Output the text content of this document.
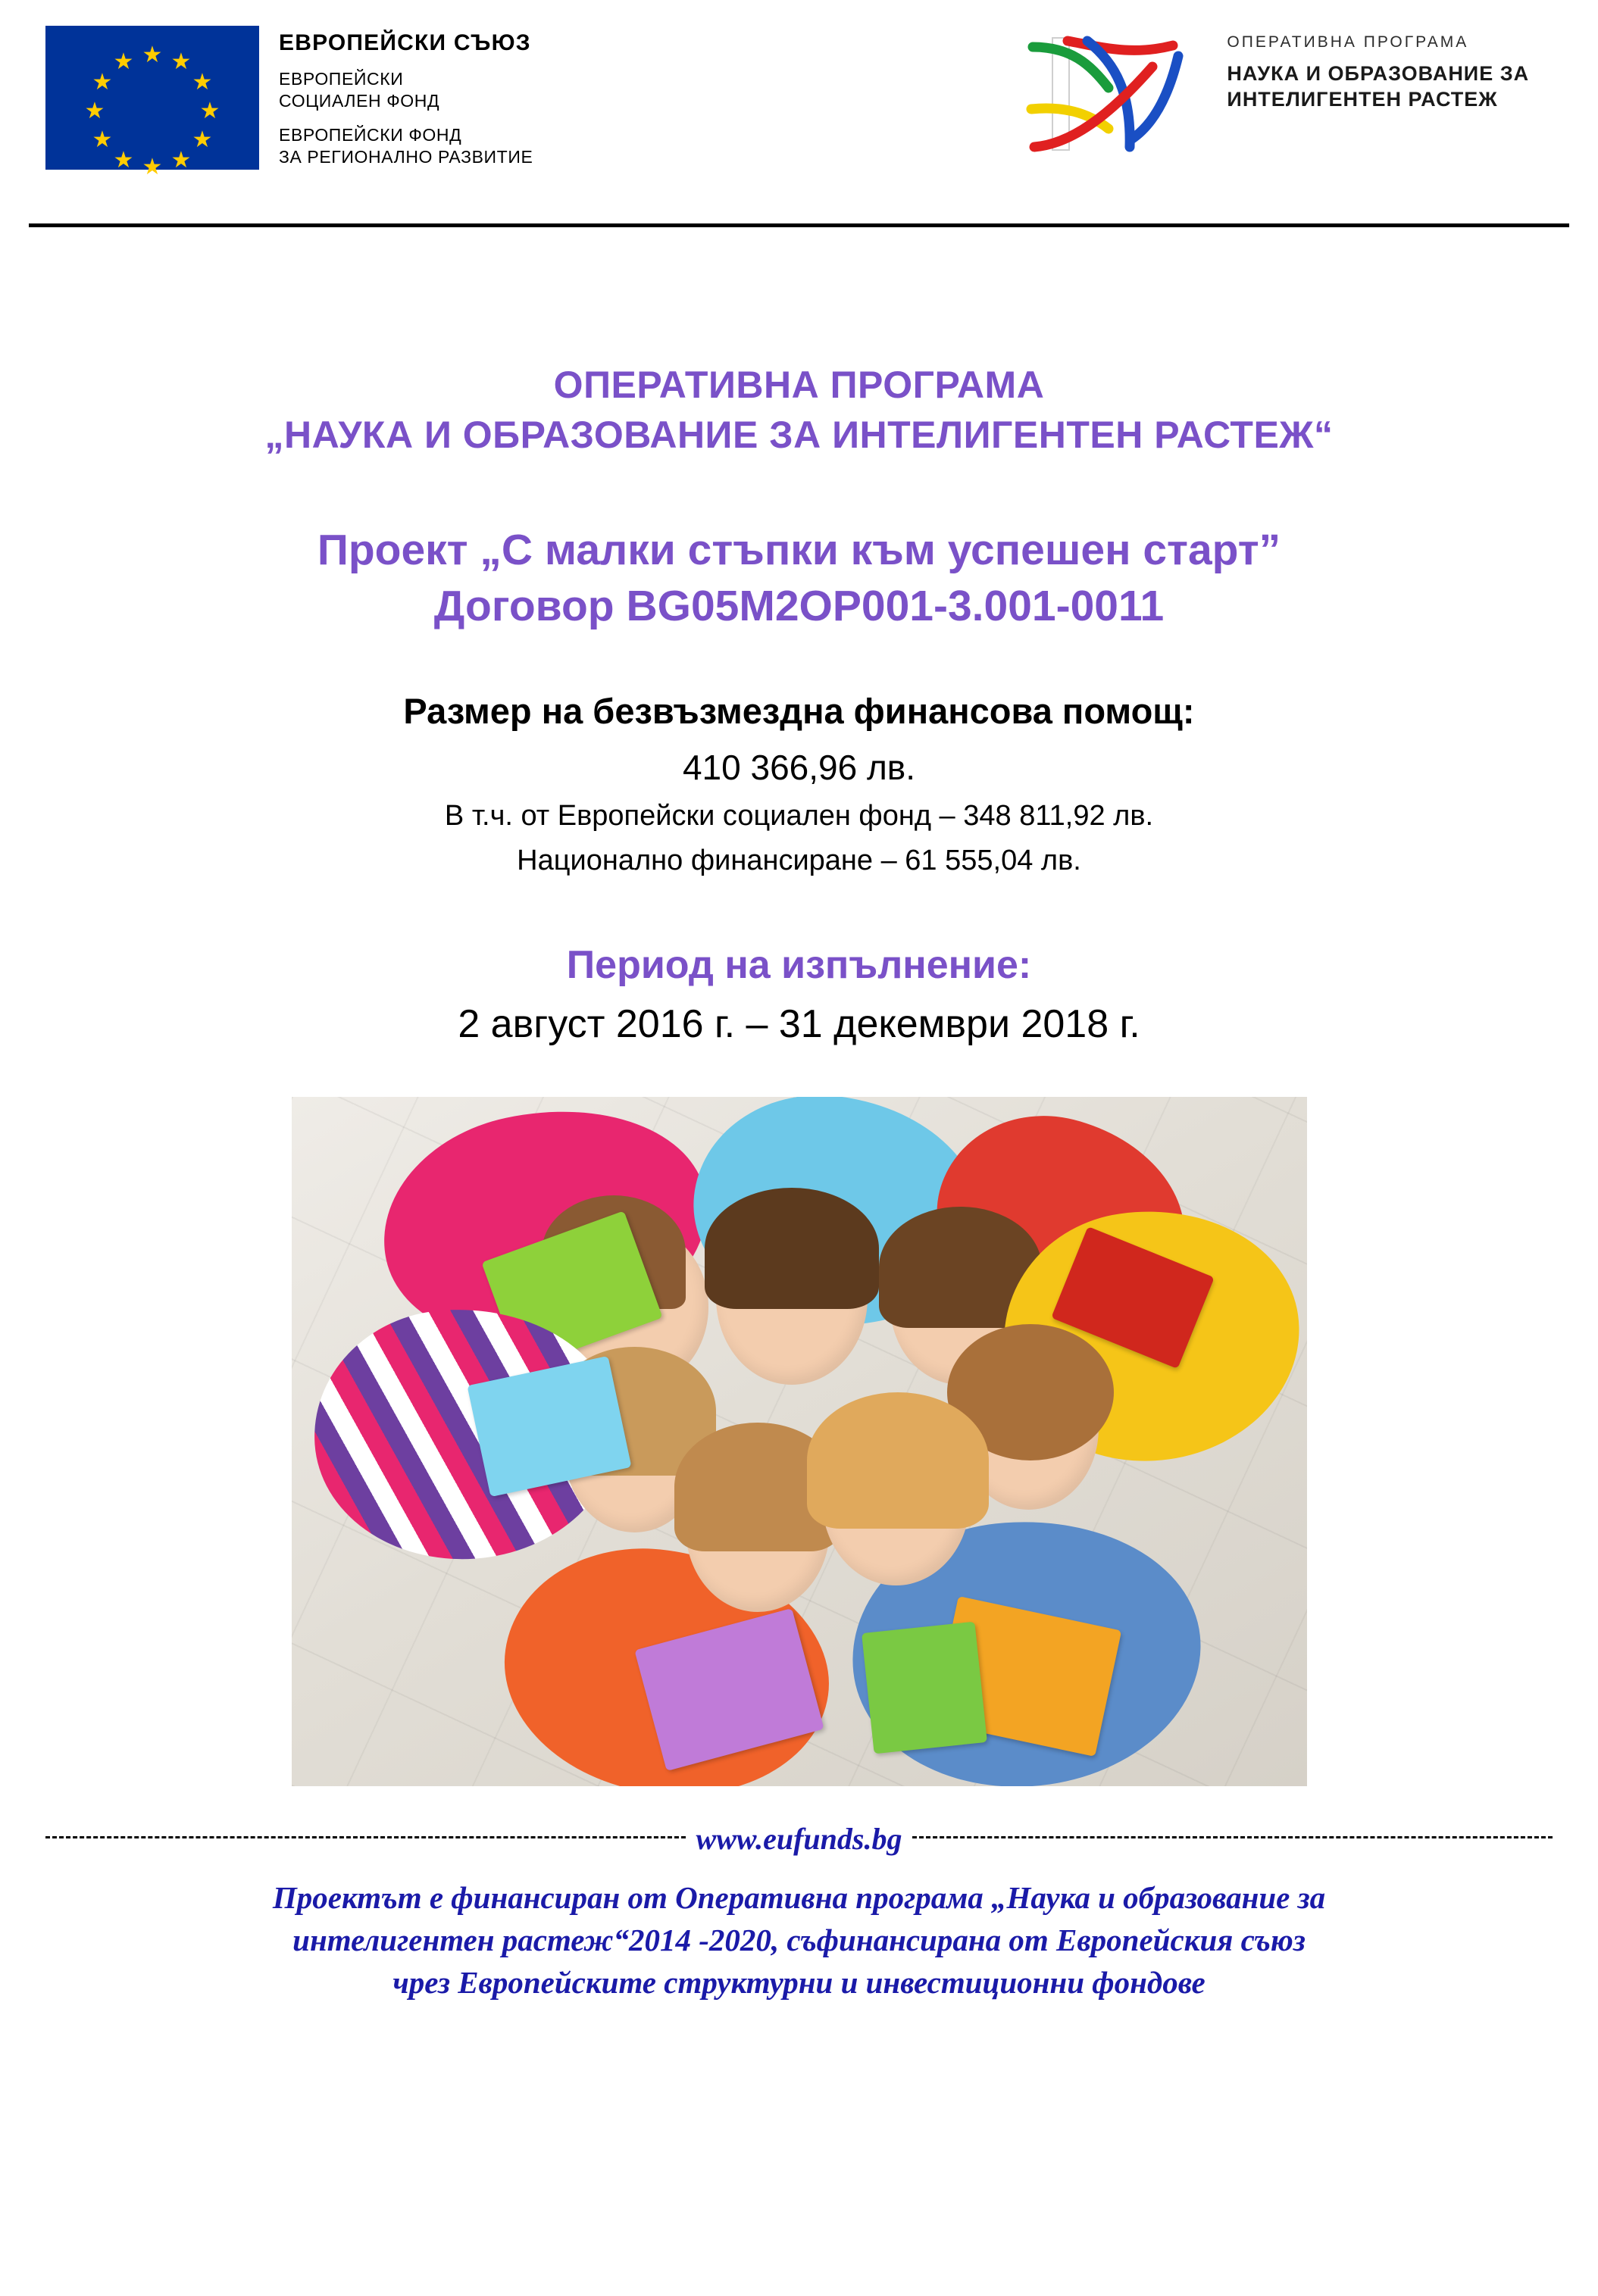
★ ★
★
★
★
★
★
★
★
★
★
★
ЕВРОПЕЙСКИ СЪЮЗ
ЕВРОПЕЙСКИ
СОЦИАЛЕН ФОНД
ЕВРОПЕЙСКИ ФОНД
ЗА РЕГИОНАЛНО РАЗВИТИЕ
ОПЕРАТИВНА ПРОГРАМА
НАУКА И ОБРАЗОВАНИЕ ЗА
ИНТЕЛИГЕНТЕН РАСТЕЖ
ОПЕРАТИВНА ПРОГРАМА
„НАУКА И ОБРАЗОВАНИЕ ЗА ИНТЕЛИГЕНТЕН РАСТЕЖ“
Проект „С малки стъпки към успешен старт”
Договор BG05M2OP001-3.001-0011
Размер на безвъзмездна финансова помощ:
410 366,96 лв.
В т.ч. от Европейски социален фонд – 348 811,92 лв.
Национално финансиране – 61 555,04 лв.
Период на изпълнение:
2 август 2016 г. – 31 декември 2018 г.
www.eufunds.bg
Проектът е финансиран от Оперативна програма „Наука и образование за
интелигентен растеж“2014 -2020, съфинансирана от Европейския съюз
чрез Европейските структурни и инвестиционни фондове
